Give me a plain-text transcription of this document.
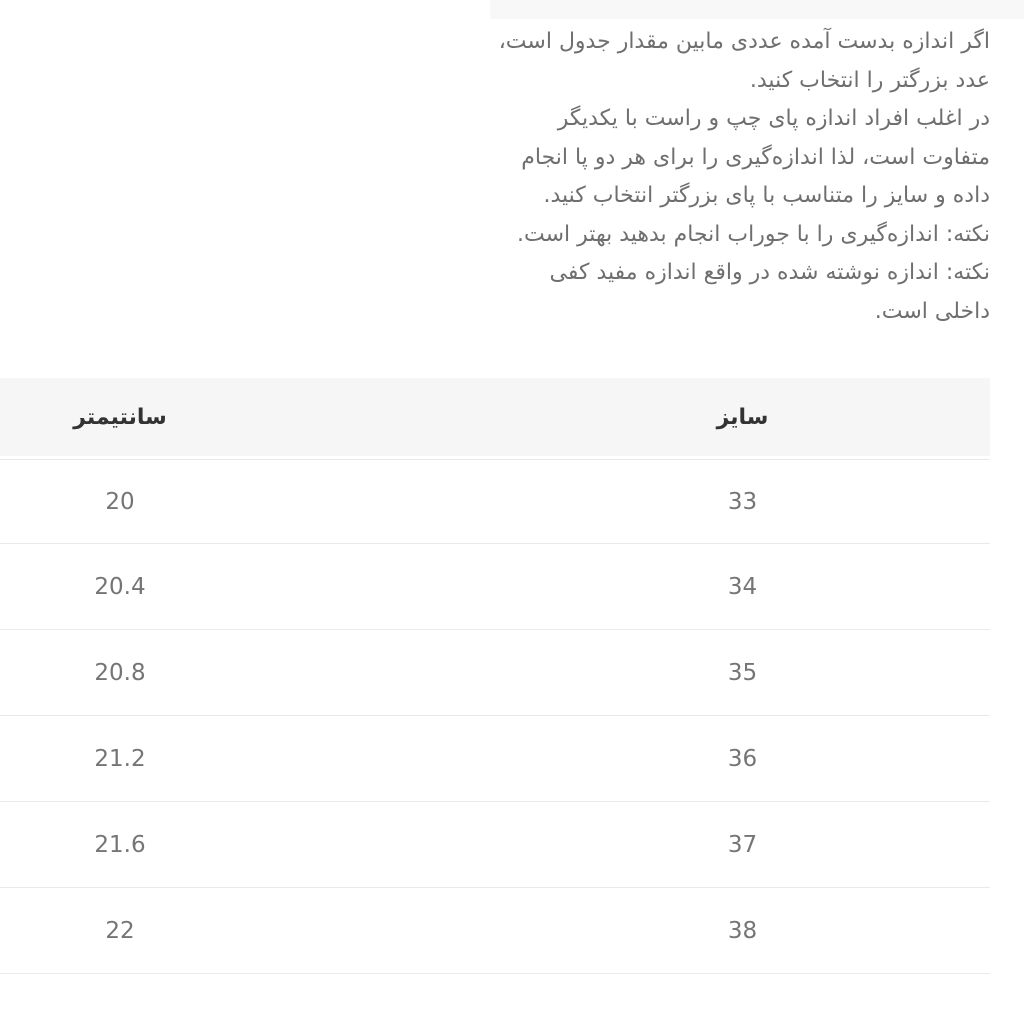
اگر اندازه بدست آمده عددی مابین مقدار جدول است،
عدد بزرگتر را انتخاب کنید.
در اغلب افراد اندازه پای چپ و راست با یکدیگر
متفاوت است، لذا اندازه‌گیری را برای هر دو پا انجام
داده و سایز را متناسب با پای بزرگتر انتخاب کنید.
نکته: اندازه‌گیری را با جوراب انجام بدهید بهتر است.
نکته: اندازه نوشته شده در واقع اندازه مفید کفی
داخلی است.
سانتیمتر	سایز
20	33
20.4	34
20.8	35
21.2	36
21.6	37
22	38
